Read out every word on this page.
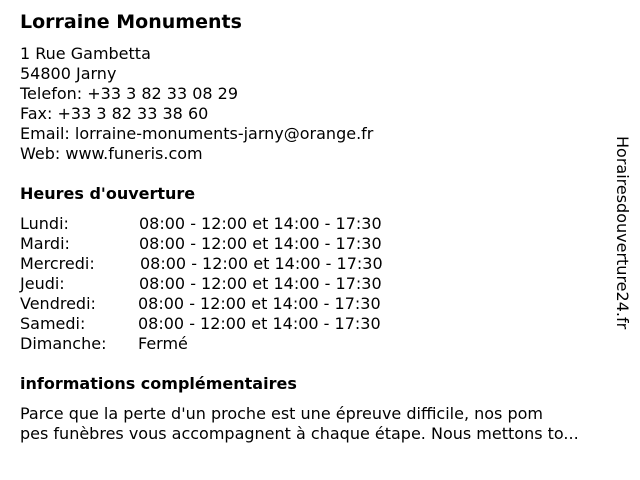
Lorraine Monuments
1 Rue Gambetta
54800 Jarny
Telefon: +33 3 82 33 08 29
Fax: +33 3 82 33 38 60
Email: lorraine-monuments-jarny@orange.fr
Web: www.funeris.com
Heures d'ouverture
Lundi:	08:00 - 12:00 et 14:00 - 17:30
Mardi:	08:00 - 12:00 et 14:00 - 17:30
Mercredi:	08:00 - 12:00 et 14:00 - 17:30
Jeudi:	08:00 - 12:00 et 14:00 - 17:30
Vendredi:	08:00 - 12:00 et 14:00 - 17:30
Samedi:	08:00 - 12:00 et 14:00 - 17:30
Dimanche: Fermé
informations complémentaires
Parce que la perte d'un proche est une épreuve difficile, nos pom
pes funèbres vous accompagnent à chaque étape. Nous mettons to...
Horairesdouverture24.fr
